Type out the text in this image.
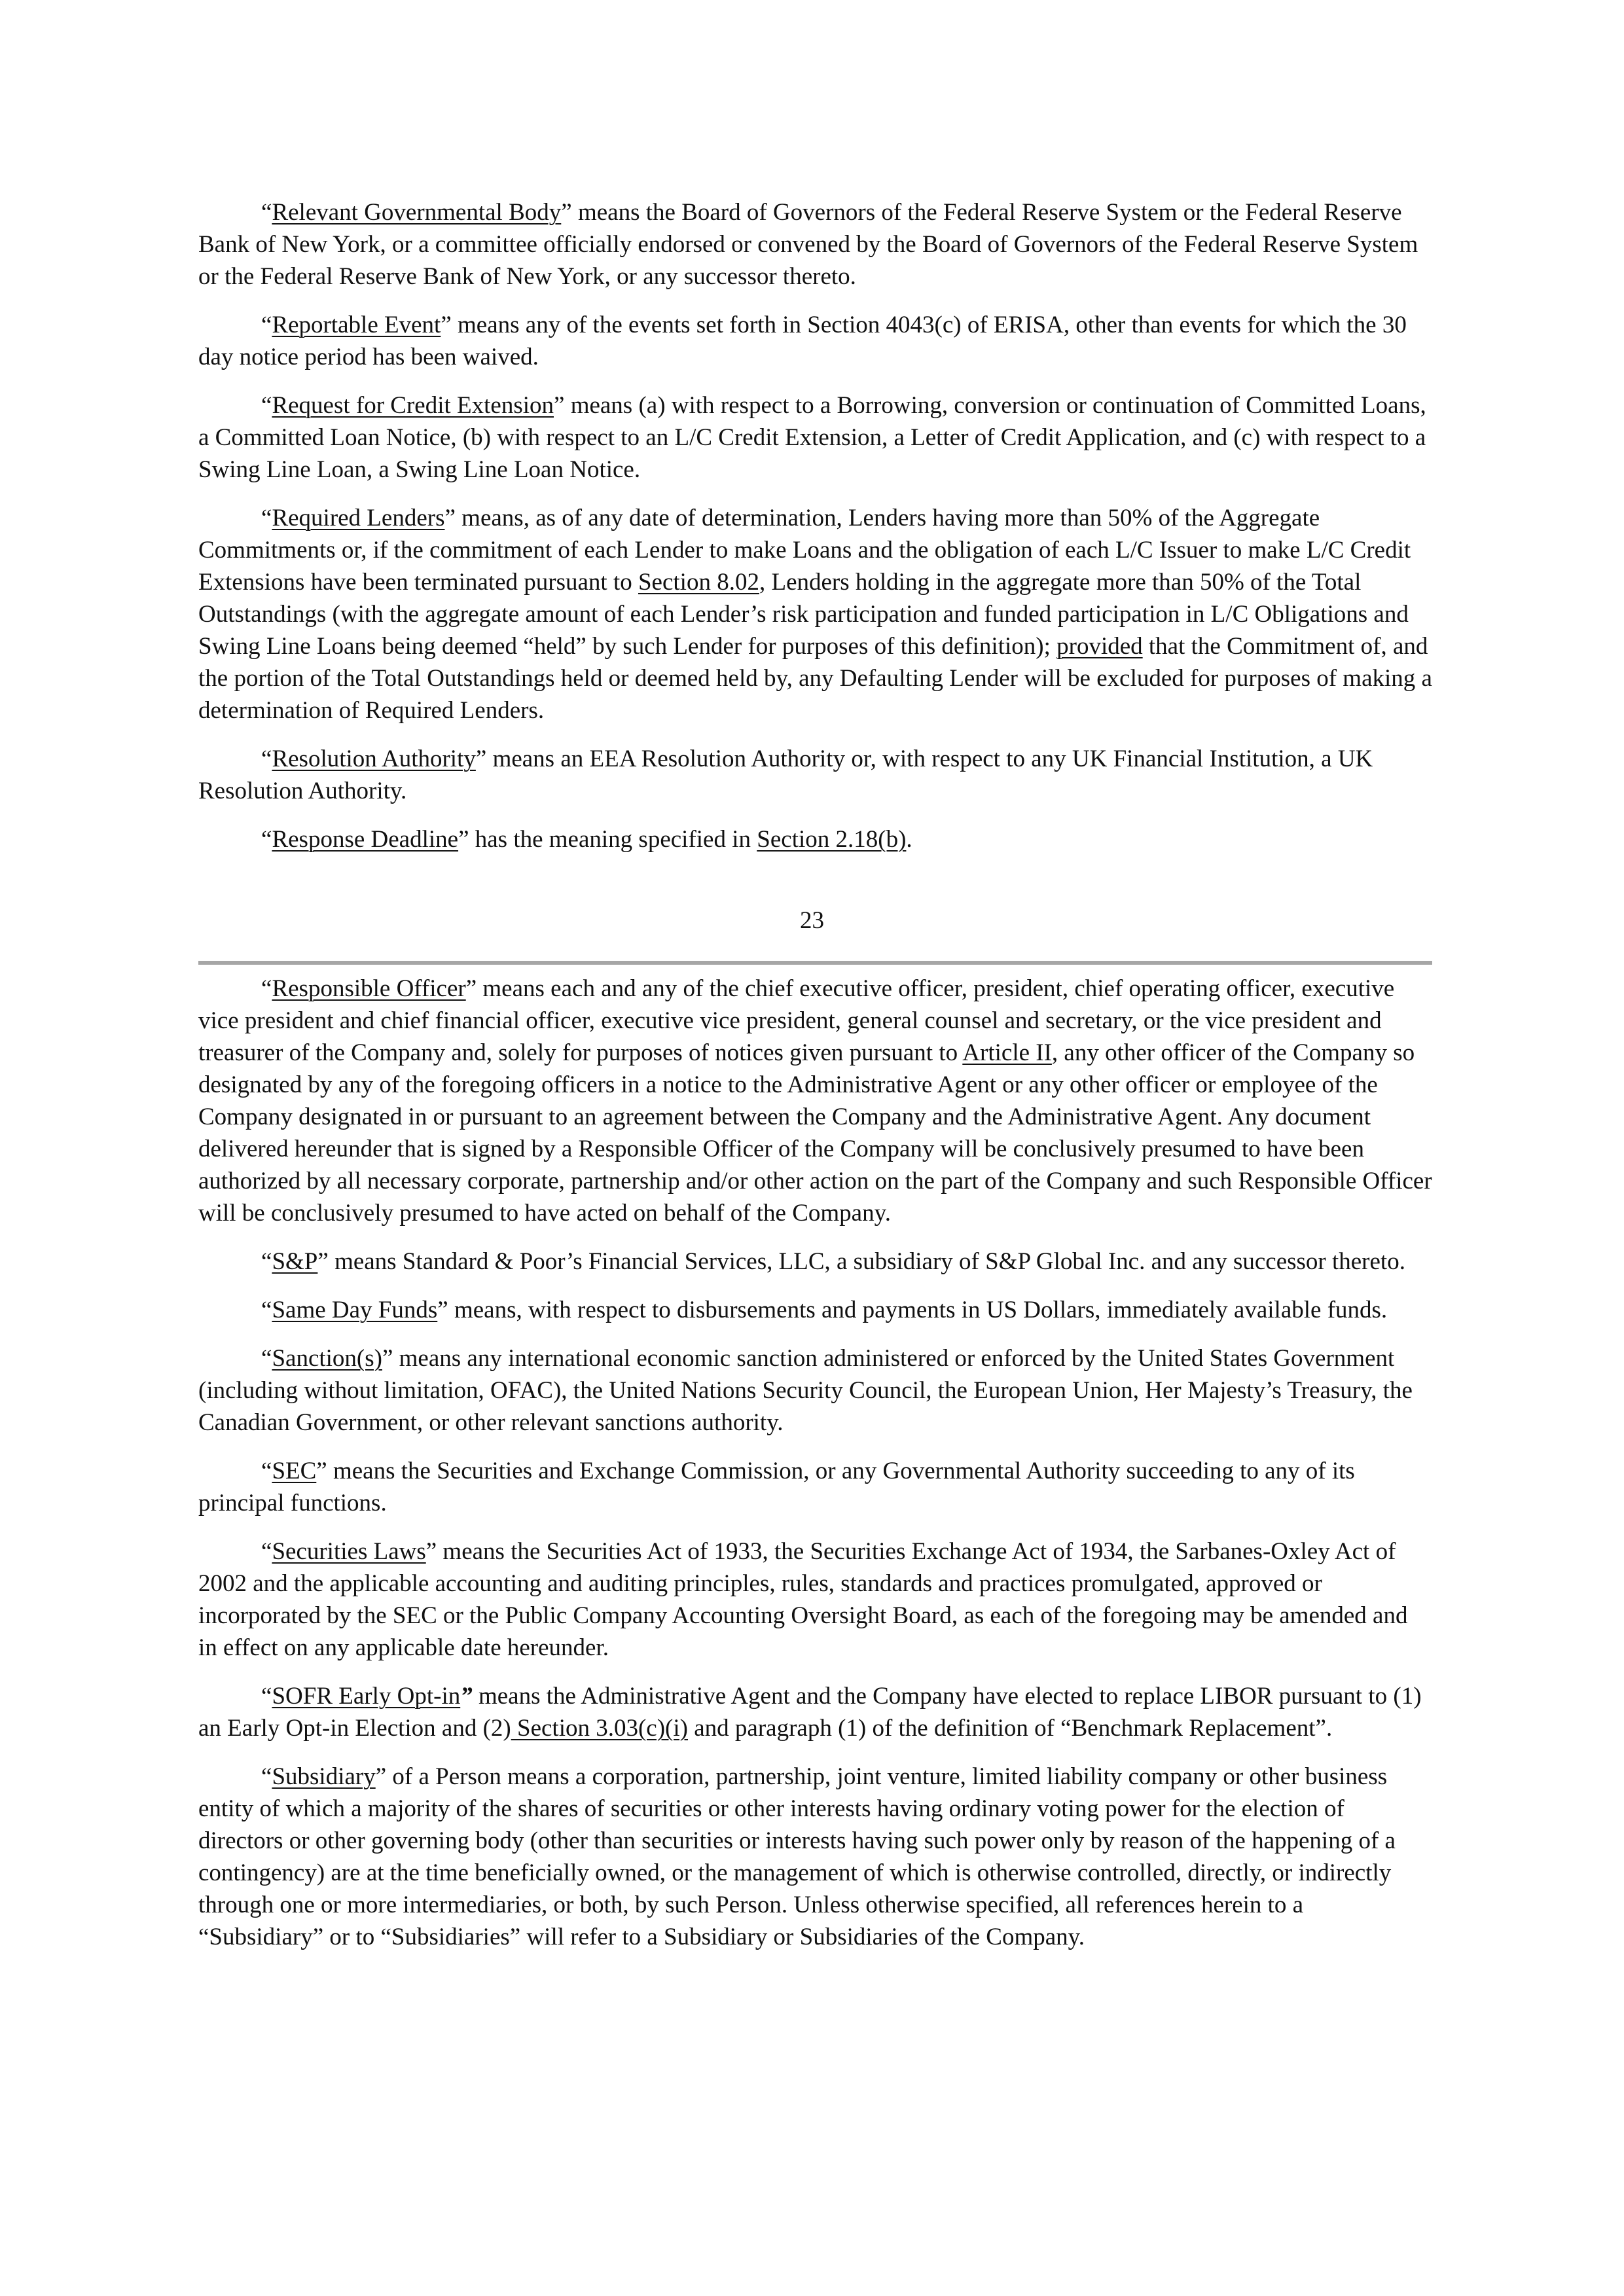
“Relevant Governmental Body” means the Board of Governors of the Federal Reserve System or the Federal Reserve Bank of New York, or a committee officially endorsed or convened by the Board of Governors of the Federal Reserve System or the Federal Reserve Bank of New York, or any successor thereto.

“Reportable Event” means any of the events set forth in Section 4043(c) of ERISA, other than events for which the 30 day notice period has been waived.

“Request for Credit Extension” means (a) with respect to a Borrowing, conversion or continuation of Committed Loans, a Committed Loan Notice, (b) with respect to an L/C Credit Extension, a Letter of Credit Application, and (c) with respect to a Swing Line Loan, a Swing Line Loan Notice.

“Required Lenders” means, as of any date of determination, Lenders having more than 50% of the Aggregate Commitments or, if the commitment of each Lender to make Loans and the obligation of each L/C Issuer to make L/C Credit Extensions have been terminated pursuant to Section 8.02, Lenders holding in the aggregate more than 50% of the Total Outstandings (with the aggregate amount of each Lender’s risk participation and funded participation in L/C Obligations and Swing Line Loans being deemed “held” by such Lender for purposes of this definition); provided that the Commitment of, and the portion of the Total Outstandings held or deemed held by, any Defaulting Lender will be excluded for purposes of making a determination of Required Lenders.

“Resolution Authority” means an EEA Resolution Authority or, with respect to any UK Financial Institution, a UK Resolution Authority.

“Response Deadline” has the meaning specified in Section 2.18(b).

23

“Responsible Officer” means each and any of the chief executive officer, president, chief operating officer, executive vice president and chief financial officer, executive vice president, general counsel and secretary, or the vice president and treasurer of the Company and, solely for purposes of notices given pursuant to Article II, any other officer of the Company so designated by any of the foregoing officers in a notice to the Administrative Agent or any other officer or employee of the Company designated in or pursuant to an agreement between the Company and the Administrative Agent. Any document delivered hereunder that is signed by a Responsible Officer of the Company will be conclusively presumed to have been authorized by all necessary corporate, partnership and/or other action on the part of the Company and such Responsible Officer will be conclusively presumed to have acted on behalf of the Company.

“S&P” means Standard & Poor’s Financial Services, LLC, a subsidiary of S&P Global Inc. and any successor thereto.

“Same Day Funds” means, with respect to disbursements and payments in US Dollars, immediately available funds.

“Sanction(s)” means any international economic sanction administered or enforced by the United States Government (including without limitation, OFAC), the United Nations Security Council, the European Union, Her Majesty’s Treasury, the Canadian Government, or other relevant sanctions authority.

“SEC” means the Securities and Exchange Commission, or any Governmental Authority succeeding to any of its principal functions.

“Securities Laws” means the Securities Act of 1933, the Securities Exchange Act of 1934, the Sarbanes-Oxley Act of 2002 and the applicable accounting and auditing principles, rules, standards and practices promulgated, approved or incorporated by the SEC or the Public Company Accounting Oversight Board, as each of the foregoing may be amended and in effect on any applicable date hereunder.

“SOFR Early Opt-in” means the Administrative Agent and the Company have elected to replace LIBOR pursuant to (1) an Early Opt-in Election and (2) Section 3.03(c)(i) and paragraph (1) of the definition of “Benchmark Replacement”.

“Subsidiary” of a Person means a corporation, partnership, joint venture, limited liability company or other business entity of which a majority of the shares of securities or other interests having ordinary voting power for the election of directors or other governing body (other than securities or interests having such power only by reason of the happening of a contingency) are at the time beneficially owned, or the management of which is otherwise controlled, directly, or indirectly through one or more intermediaries, or both, by such Person. Unless otherwise specified, all references herein to a “Subsidiary” or to “Subsidiaries” will refer to a Subsidiary or Subsidiaries of the Company.
